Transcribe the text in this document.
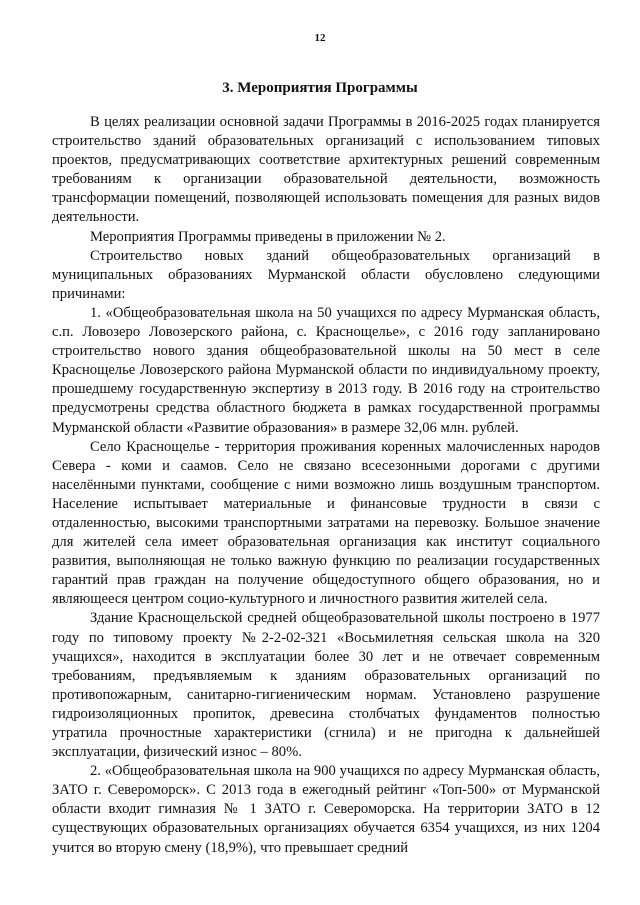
12
3. Мероприятия Программы

В целях реализации основной задачи Программы в 2016-2025 годах планируется строительство зданий образовательных организаций с использованием типовых проектов, предусматривающих соответствие архитектурных решений современным требованиям к организации образовательной деятельности, возможность трансформации помещений, позволяющей использовать помещения для разных видов деятельности.

Мероприятия Программы приведены в приложении № 2.

Строительство новых зданий общеобразовательных организаций в муниципальных образованиях Мурманской области обусловлено следующими причинами:

1. «Общеобразовательная школа на 50 учащихся по адресу Мурманская область, с.п. Ловозеро Ловозерского района, с. Краснощелье», с 2016 году запланировано строительство нового здания общеобразовательной школы на 50 мест в селе Краснощелье Ловозерского района Мурманской области по индивидуальному проекту, прошедшему государственную экспертизу в 2013 году. В 2016 году на строительство предусмотрены средства областного бюджета в рамках государственной программы Мурманской области «Развитие образования» в размере 32,06 млн. рублей.

Село Краснощелье - территория проживания коренных малочисленных народов Севера - коми и саамов. Село не связано всесезонными дорогами с другими населёнными пунктами, сообщение с ними возможно лишь воздушным транспортом. Население испытывает материальные и финансовые трудности в связи с отдаленностью, высокими транспортными затратами на перевозку. Большое значение для жителей села имеет образовательная организация как институт социального развития, выполняющая не только важную функцию по реализации государственных гарантий прав граждан на получение общедоступного общего образования, но и являющееся центром социо-культурного и личностного развития жителей села.

Здание Краснощельской средней общеобразовательной школы построено в 1977 году по типовому проекту №2-2-02-321 «Восьмилетняя сельская школа на 320 учащихся», находится в эксплуатации более 30 лет и не отвечает современным требованиям, предъявляемым к зданиям образовательных организаций по противопожарным, санитарно-гигиеническим нормам. Установлено разрушение гидроизоляционных пропиток, древесина столбчатых фундаментов полностью утратила прочностные характеристики (сгнила) и не пригодна к дальнейшей эксплуатации, физический износ – 80%.

2. «Общеобразовательная школа на 900 учащихся по адресу Мурманская область, ЗАТО г. Североморск». С 2013 года в ежегодный рейтинг «Топ-500» от Мурманской области входит гимназия № 1 ЗАТО г. Североморска. На территории ЗАТО в 12 существующих образовательных организациях обучается 6354 учащихся, из них 1204 учится во вторую смену (18,9%), что превышает средний
